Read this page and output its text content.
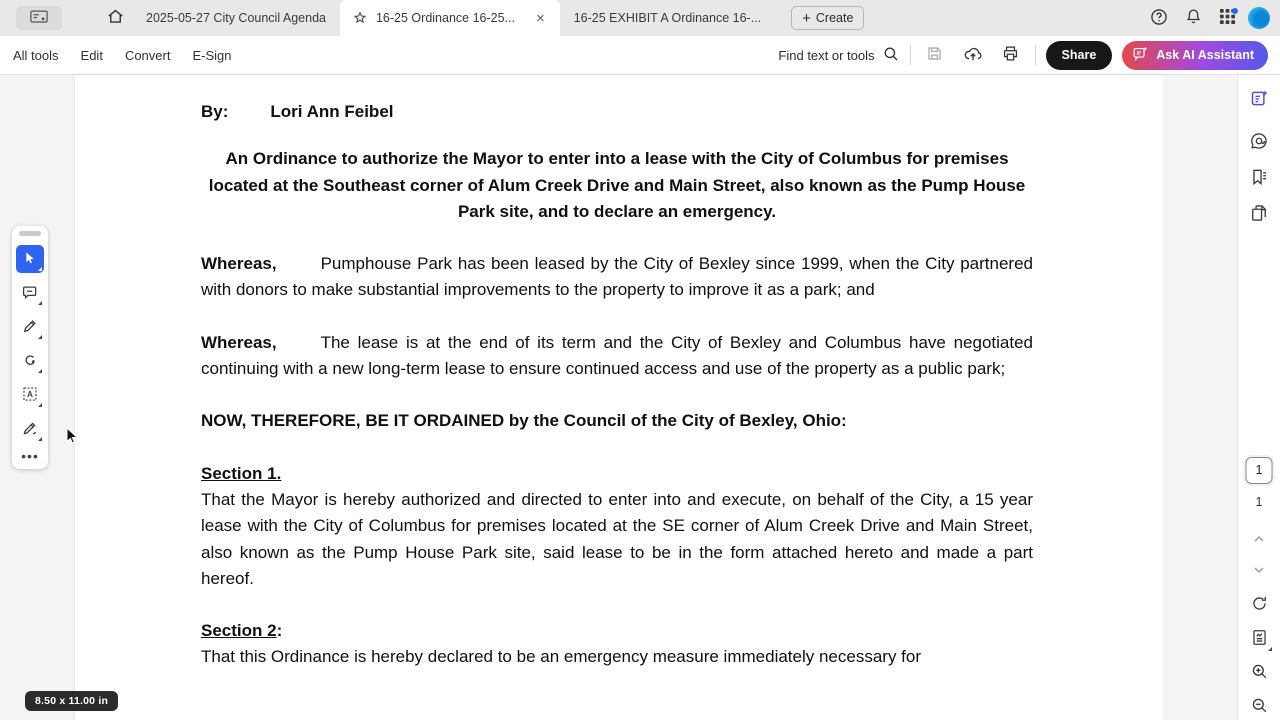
2025-05-27 City Council Agenda	16-25 Ordinance 16-25... × 16-25 EXHIBIT A Ordinance 16-...	+ Create
All tools Edit Convert E-Sign	Find text or tools	Share	Ask AI Assistant
By: Lori Ann Feibel
An Ordinance to authorize the Mayor to enter into a lease with the City of Columbus for premises located at the Southeast corner of Alum Creek Drive and Main Street, also known as the Pump House Park site, and to declare an emergency.

Whereas,	Pumphouse Park has been leased by the City of Bexley since 1999, when the City partnered with donors to make substantial improvements to the property to improve it as a park; and

Whereas,	The lease is at the end of its term and the City of Bexley and Columbus have negotiated continuing with a new long-term lease to ensure continued access and use of the property as a public park;

NOW, THEREFORE, BE IT ORDAINED by the Council of the City of Bexley, Ohio:
Section 1.

That the Mayor is hereby authorized and directed to enter into and execute, on behalf of the City, a 15 year lease with the City of Columbus for premises located at the SE corner of Alum Creek Drive and Main Street, also known as the Pump House Park site, said lease to be in the form attached hereto and made a part hereof.

Section 2:

That this Ordinance is hereby declared to be an emergency measure immediately necessary for

1
1
A
•••
8.50 x 11.00 in
